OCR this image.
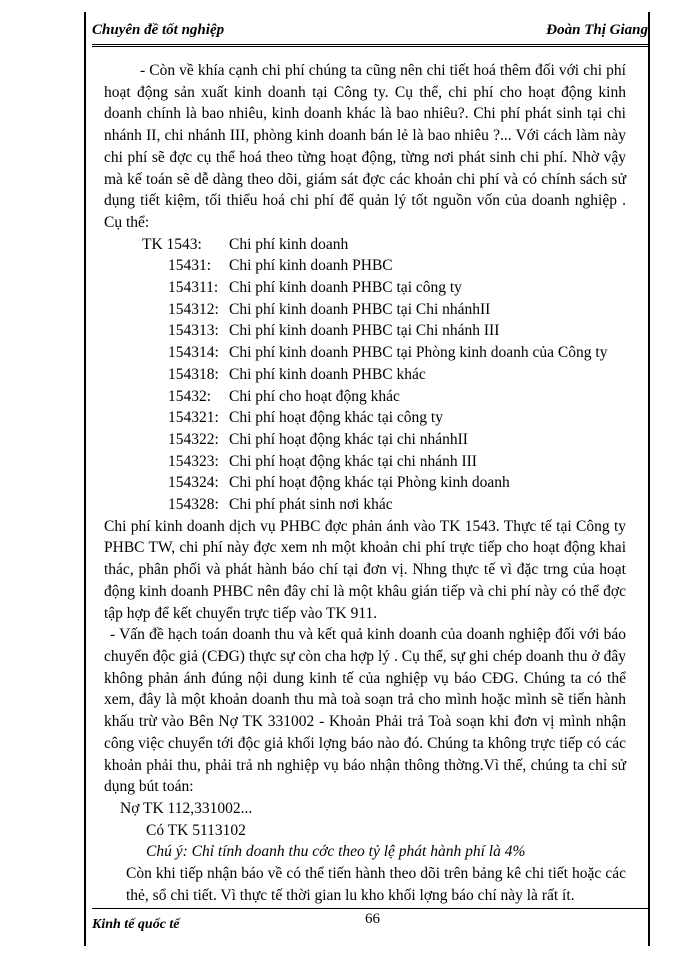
Chuyên đề tốt nghiệp	Đoàn Thị Giang

- Còn về khía cạnh chi phí chúng ta cũng nên chi tiết hoá thêm đối với chi phí hoạt động sản xuất kinh doanh tại Công ty. Cụ thể, chi phí cho hoạt động kinh doanh chính là bao nhiêu, kinh doanh khác là bao nhiêu?. Chi phí phát sinh tại chi nhánh II, chi nhánh III, phòng kinh doanh bán lẻ là bao nhiêu ?... Với cách làm này chi phí sẽ đợc cụ thể hoá theo từng hoạt động, từng nơi phát sinh chi phí. Nhờ vậy mà kế toán sẽ dễ dàng theo dõi, giám sát đợc các khoản chi phí và có chính sách sử dụng tiết kiệm, tối thiểu hoá chi phí để quản lý tốt nguồn vốn của doanh nghiệp . Cụ thể:

TK 1543:	Chi phí kinh doanh
15431:	Chi phí kinh doanh PHBC
154311: Chi phí kinh doanh PHBC tại công ty
154312: Chi phí kinh doanh PHBC tại Chi nhánhII
154313: Chi phí kinh doanh PHBC tại Chi nhánh III
154314: Chi phí kinh doanh PHBC tại Phòng kinh doanh của Công ty
154318: Chi phí kinh doanh PHBC khác
15432:	Chi phí cho hoạt động khác
154321: Chi phí hoạt động khác tại công ty
154322: Chi phí hoạt động khác tại chi nhánhII
154323: Chi phí hoạt động khác tại chi nhánh III
154324: Chi phí hoạt động khác tại Phòng kinh doanh
154328: Chi phí phát sinh nơi khác

Chi phí kinh doanh dịch vụ PHBC đợc phản ánh vào TK 1543. Thực tế tại Công ty PHBC TW, chi phí này đợc xem nh một khoản chi phí trực tiếp cho hoạt động khai thác, phân phối và phát hành báo chí tại đơn vị. Nhng thực tế vì đặc trng của hoạt động kinh doanh PHBC nên đây chỉ là một khâu gián tiếp và chi phí này có thể đợc tập hợp để kết chuyển trực tiếp vào TK 911.

- Vấn đề hạch toán doanh thu và kết quả kinh doanh của doanh nghiệp đối với báo chuyển độc giả (CĐG) thực sự còn cha hợp lý . Cụ thể, sự ghi chép doanh thu ở đây không phản ánh đúng nội dung kinh tế của nghiệp vụ báo CĐG. Chúng ta có thể xem, đây là một khoản doanh thu mà toà soạn trả cho mình hoặc mình sẽ tiến hành khấu trừ vào Bên Nợ TK 331002 - Khoản Phải trả Toà soạn khi đơn vị mình nhận công việc chuyển tới độc giả khối lợng báo nào đó. Chúng ta không trực tiếp có các khoản phải thu, phải trả nh nghiệp vụ báo nhận thông thờng.Vì thế, chúng ta chỉ sử dụng bút toán:

Nợ TK 112,331002...

Có TK 5113102

Chú ý: Chỉ tính doanh thu cớc theo tỷ lệ phát hành phí là 4%

Còn khi tiếp nhận báo về có thể tiến hành theo dõi trên bảng kê chi tiết hoặc các thẻ, sổ chi tiết. Vì thực tế thời gian lu kho khối lợng báo chí này là rất ít.

Kinh tế quốc tế	66
